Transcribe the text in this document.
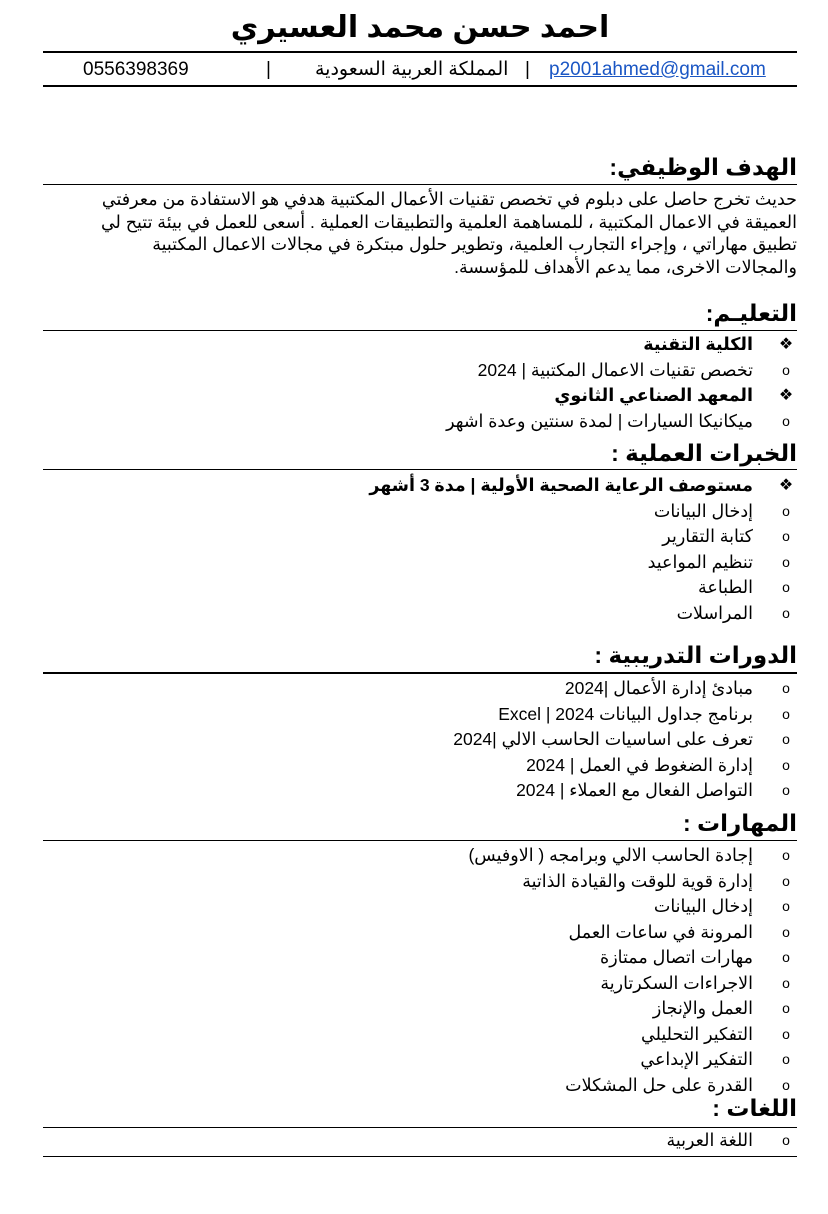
احمد حسن محمد العسيري
0556398369	| المملكة العربية السعودية | p2001ahmed@gmail.com
الهدف الوظيفي:

حديث تخرج حاصل على دبلوم في تخصص تقنيات الأعمال المكتبية هدفي هو الاستفادة من معرفتي

العميقة في الاعمال المكتبية ، للمساهمة العلمية والتطبيقات العملية . أسعى للعمل في بيئة تتيح لي

تطبيق مهاراتي ، وإجراء التجارب العلمية، وتطوير حلول مبتكرة في مجالات الاعمال المكتبية

والمجالات الاخرى، مما يدعم الأهداف للمؤسسة.

التعليـم:
❖
الكلية التقنية
o
تخصص تقنيات الاعمال المكتبية | 2024
❖
المعهد الصناعي الثانوي
o
ميكانيكا السيارات | لمدة سنتين وعدة اشهر
الخبرات العملية :
❖
مستوصف الرعاية الصحية الأولية | مدة 3 أشهر
o
إدخال البيانات
o
كتابة التقارير
o
تنظيم المواعيد
o
الطباعة
o
المراسلات
الدورات التدريبية :
o
مبادئ إدارة الأعمال |2024
o
برنامج جداول البيانات Excel | 2024
o
تعرف على اساسيات الحاسب الالي |2024
o
إدارة الضغوط في العمل | 2024
o
التواصل الفعال مع العملاء | 2024
المهارات :
o
إجادة الحاسب الالي وبرامجه ( الاوفيس)
o
إدارة قوية للوقت والقيادة الذاتية
o
إدخال البيانات
o
المرونة في ساعات العمل
o
مهارات اتصال ممتازة
o
الاجراءات السكرتارية
o
العمل والإنجاز
o
التفكير التحليلي
o
التفكير الإبداعي
o
القدرة على حل المشكلات
اللغات :
o
اللغة العربية
